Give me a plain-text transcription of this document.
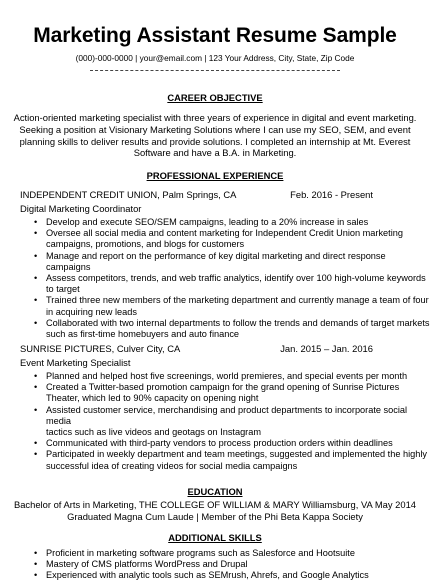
Marketing Assistant Resume Sample
(000)-000-0000 | your@email.com | 123 Your Address, City, State, Zip Code
CAREER OBJECTIVE
Action-oriented marketing specialist with three years of experience in digital and event marketing.
Seeking a position at Visionary Marketing Solutions where I can use my SEO, SEM, and event
planning skills to deliver results and provide solutions. I completed an internship at Mt. Everest
Software and have a B.A. in Marketing.
PROFESSIONAL EXPERIENCE
INDEPENDENT CREDIT UNION, Palm Springs, CA	Feb. 2016 - Present
Digital Marketing Coordinator
• Develop and execute SEO/SEM campaigns, leading to a 20% increase in sales
• Oversee all social media and content marketing for Independent Credit Union marketing
campaigns, promotions, and blogs for customers
• Manage and report on the performance of key digital marketing and direct response campaigns
• Assess competitors, trends, and web traffic analytics, identify over 100 high-volume keywords
to target
• Trained three new members of the marketing department and currently manage a team of four
in acquiring new leads
• Collaborated with two internal departments to follow the trends and demands of target markets
such as first-time homebuyers and auto finance
SUNRISE PICTURES, Culver City, CA	Jan. 2015 – Jan. 2016
Event Marketing Specialist
• Planned and helped host five screenings, world premieres, and special events per month
• Created a Twitter-based promotion campaign for the grand opening of Sunrise Pictures
Theater, which led to 90% capacity on opening night
• Assisted customer service, merchandising and product departments to incorporate social media
tactics such as live videos and geotags on Instagram
• Communicated with third-party vendors to process production orders within deadlines
• Participated in weekly department and team meetings, suggested and implemented the highly
successful idea of creating videos for social media campaigns
EDUCATION
Bachelor of Arts in Marketing, THE COLLEGE OF WILLIAM & MARY Williamsburg, VA May 2014
Graduated Magna Cum Laude | Member of the Phi Beta Kappa Society
ADDITIONAL SKILLS
• Proficient in marketing software programs such as Salesforce and Hootsuite
• Mastery of CMS platforms WordPress and Drupal
• Experienced with analytic tools such as SEMrush, Ahrefs, and Google Analytics
